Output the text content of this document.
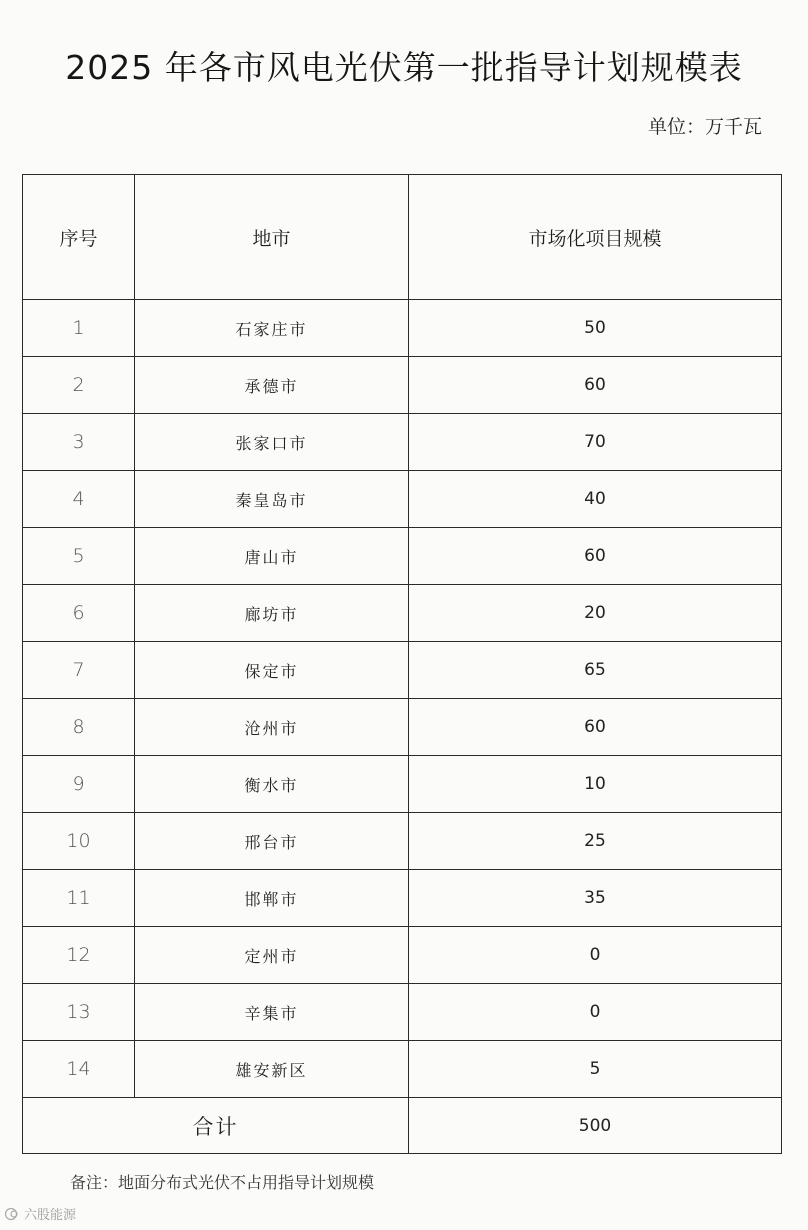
2025 年各市风电光伏第一批指导计划规模表
单位：万千瓦
序号	地市	市场化项目规模
1	石家庄市	50
2	承德市	60
3	张家口市	70
4	秦皇岛市	40
5	唐山市	60
6	廊坊市	20
7	保定市	65
8	沧州市	60
9	衡水市	10
10	邢台市	25
11	邯郸市	35
12	定州市	0
13	辛集市	0
14	雄安新区	5
合计		500
备注：地面分布式光伏不占用指导计划规模
六股能源
